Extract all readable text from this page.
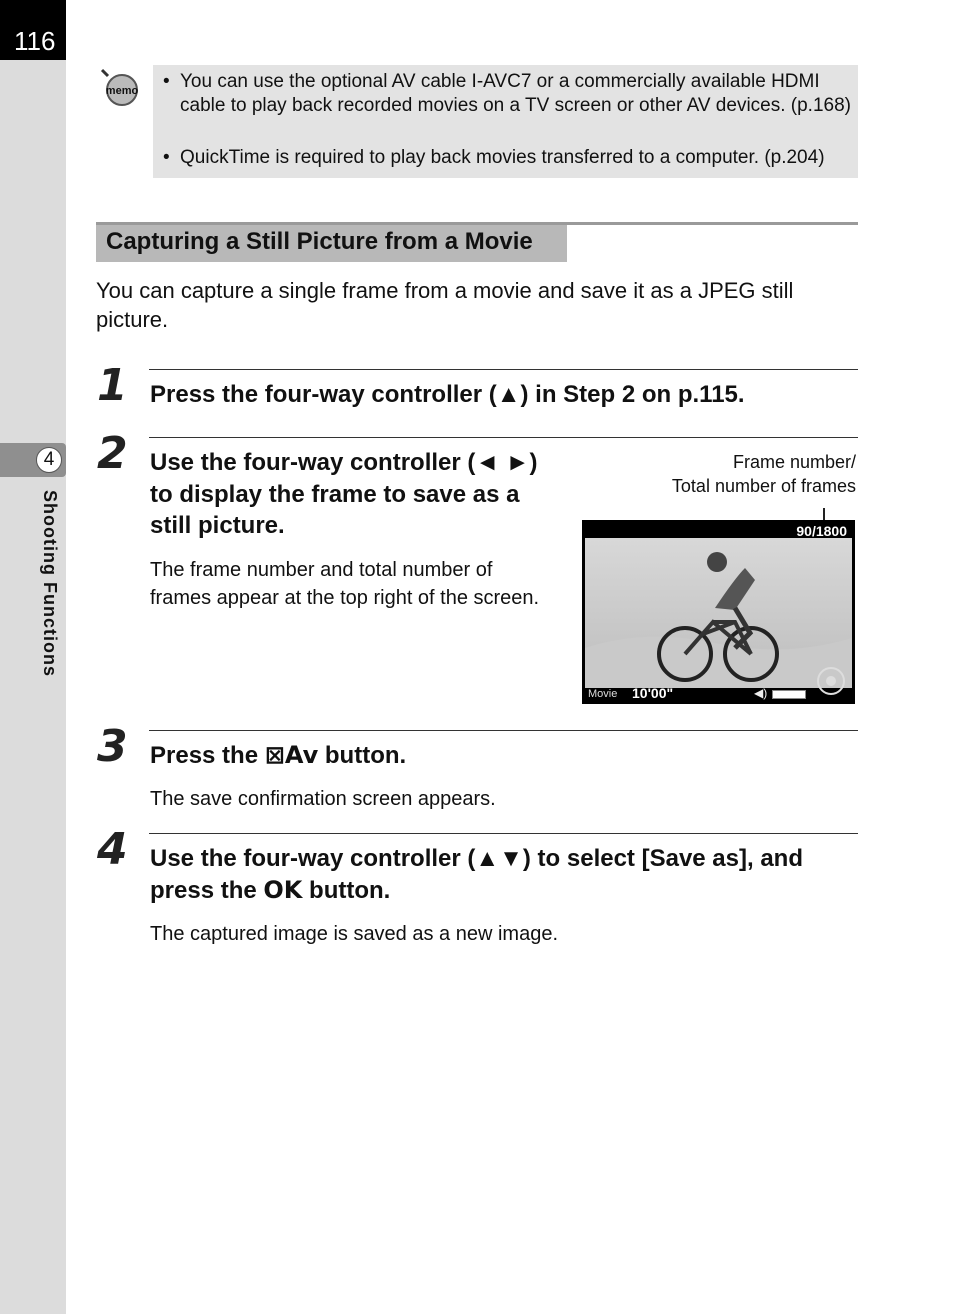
116
4
Shooting Functions
memo • You can use the optional AV cable I-AVC7 or a commercially available HDMI cable to play back recorded movies on a TV screen or other AV devices. (p.168)
• QuickTime is required to play back movies transferred to a computer. (p.204)
Capturing a Still Picture from a Movie
You can capture a single frame from a movie and save it as a JPEG still picture.
1 Press the four-way controller (▲) in Step 2 on p.115.
2 Use the four-way controller (◄ ►)
to display the frame to save as a
still picture.
The frame number and total number of frames appear at the top right of the screen.
Frame number/
Total number of frames
90/1800
Movie 10'00"	◀)
3 Press the ⊠Av button.
The save confirmation screen appears.
4 Use the four-way controller (▲▼) to select [Save as], and
press the OK button.
The captured image is saved as a new image.
